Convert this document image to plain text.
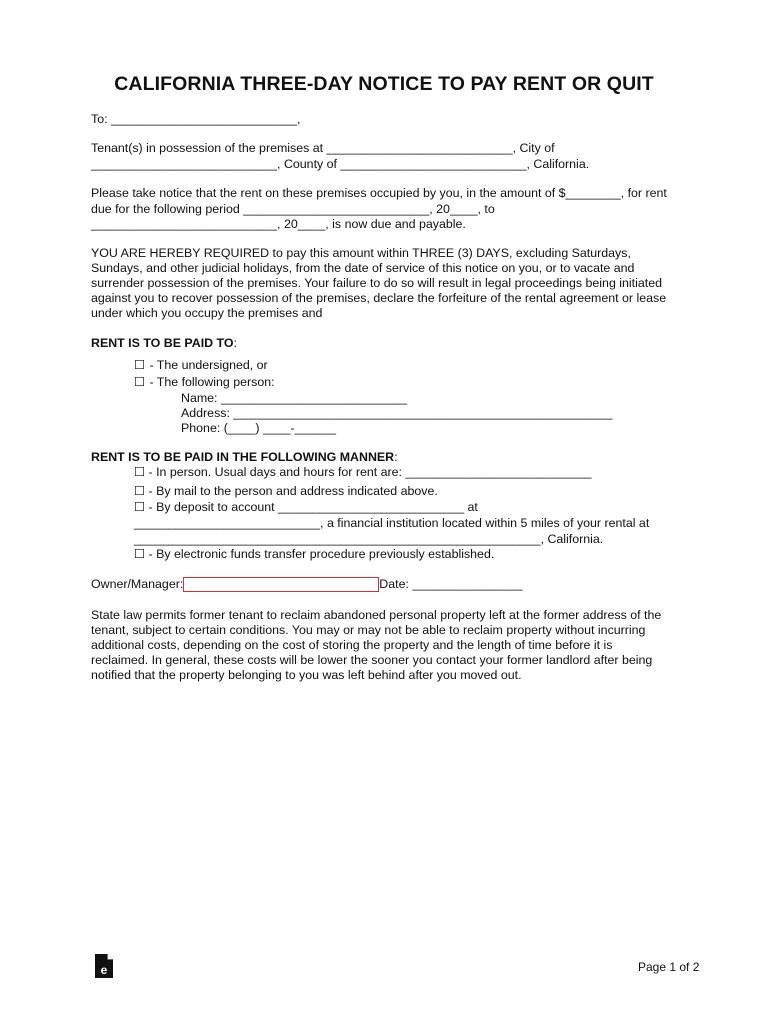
CALIFORNIA THREE-DAY NOTICE TO PAY RENT OR QUIT
To: ___________________________,
Tenant(s) in possession of the premises at ___________________________, City of
___________________________, County of ___________________________, California.
Please take notice that the rent on these premises occupied by you, in the amount of $________, for rent
due for the following period ___________________________, 20____, to
___________________________, 20____, is now due and payable.
YOU ARE HEREBY REQUIRED to pay this amount within THREE (3) DAYS, excluding Saturdays,
Sundays, and other judicial holidays, from the date of service of this notice on you, or to vacate and
surrender possession of the premises. Your failure to do so will result in legal proceedings being initiated
against you to recover possession of the premises, declare the forfeiture of the rental agreement or lease
under which you occupy the premises and
RENT IS TO BE PAID TO:
☐ - The undersigned, or
☐ - The following person:
Name: ___________________________
Address: _______________________________________________________
Phone: (____) ____-______
RENT IS TO BE PAID IN THE FOLLOWING MANNER:
☐ - In person. Usual days and hours for rent are: ___________________________
☐ - By mail to the person and address indicated above.
☐ - By deposit to account ___________________________ at
___________________________, a financial institution located within 5 miles of your rental at
___________________________________________________________, California.
☐ - By electronic funds transfer procedure previously established.
Owner/Manager:	Date: ________________
State law permits former tenant to reclaim abandoned personal property left at the former address of the
tenant, subject to certain conditions. You may or may not be able to reclaim property without incurring
additional costs, depending on the cost of storing the property and the length of time before it is
reclaimed. In general, these costs will be lower the sooner you contact your former landlord after being
notified that the property belonging to you was left behind after you moved out.
e	Page 1 of 2
